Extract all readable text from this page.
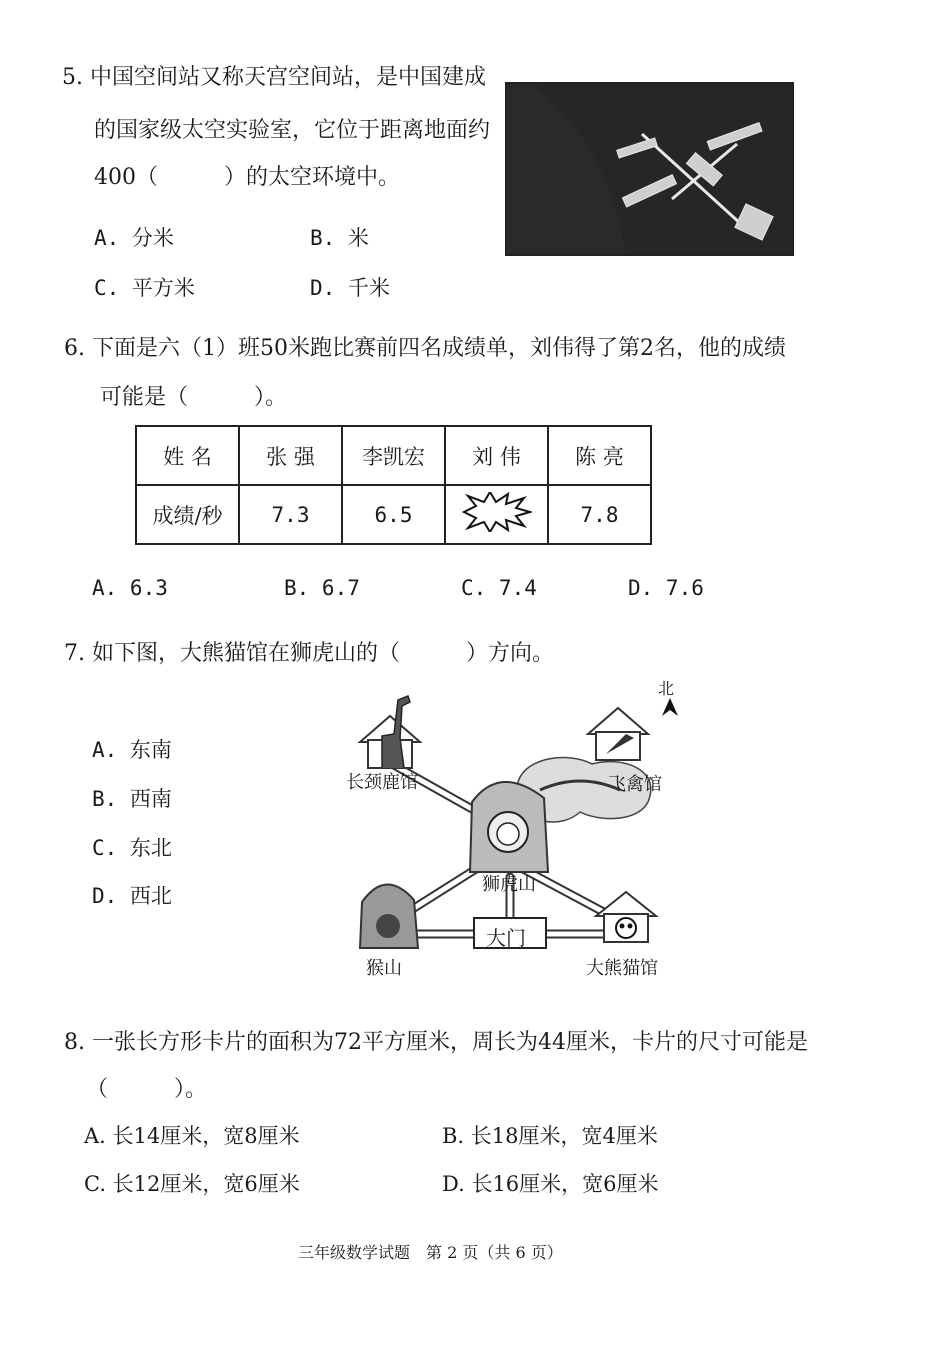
5. 中国空间站又称天宫空间站，是中国建成
的国家级太空实验室，它位于距离地面约
400（　　　）的太空环境中。
A. 分米	B. 米
C. 平方米	D. 千米
6. 下面是六（1）班50米跑比赛前四名成绩单，刘伟得了第2名，他的成绩
可能是（　　　）。
姓 名	张 强	李凯宏	刘 伟	陈 亮
成绩/秒	7.3	6.5		7.8
A. 6.3	B. 6.7	C. 7.4	D. 7.6
7. 如下图，大熊猫馆在狮虎山的（　　　）方向。
A. 东南
B. 西南
C. 东北
D. 西北
北
长颈鹿馆	飞禽馆
狮虎山
大门
猴山	大熊猫馆
8. 一张长方形卡片的面积为72平方厘米，周长为44厘米，卡片的尺寸可能是
（　　　）。
A. 长14厘米，宽8厘米	B. 长18厘米，宽4厘米
C. 长12厘米，宽6厘米	D. 长16厘米，宽6厘米
三年级数学试题　第 2 页（共 6 页）
